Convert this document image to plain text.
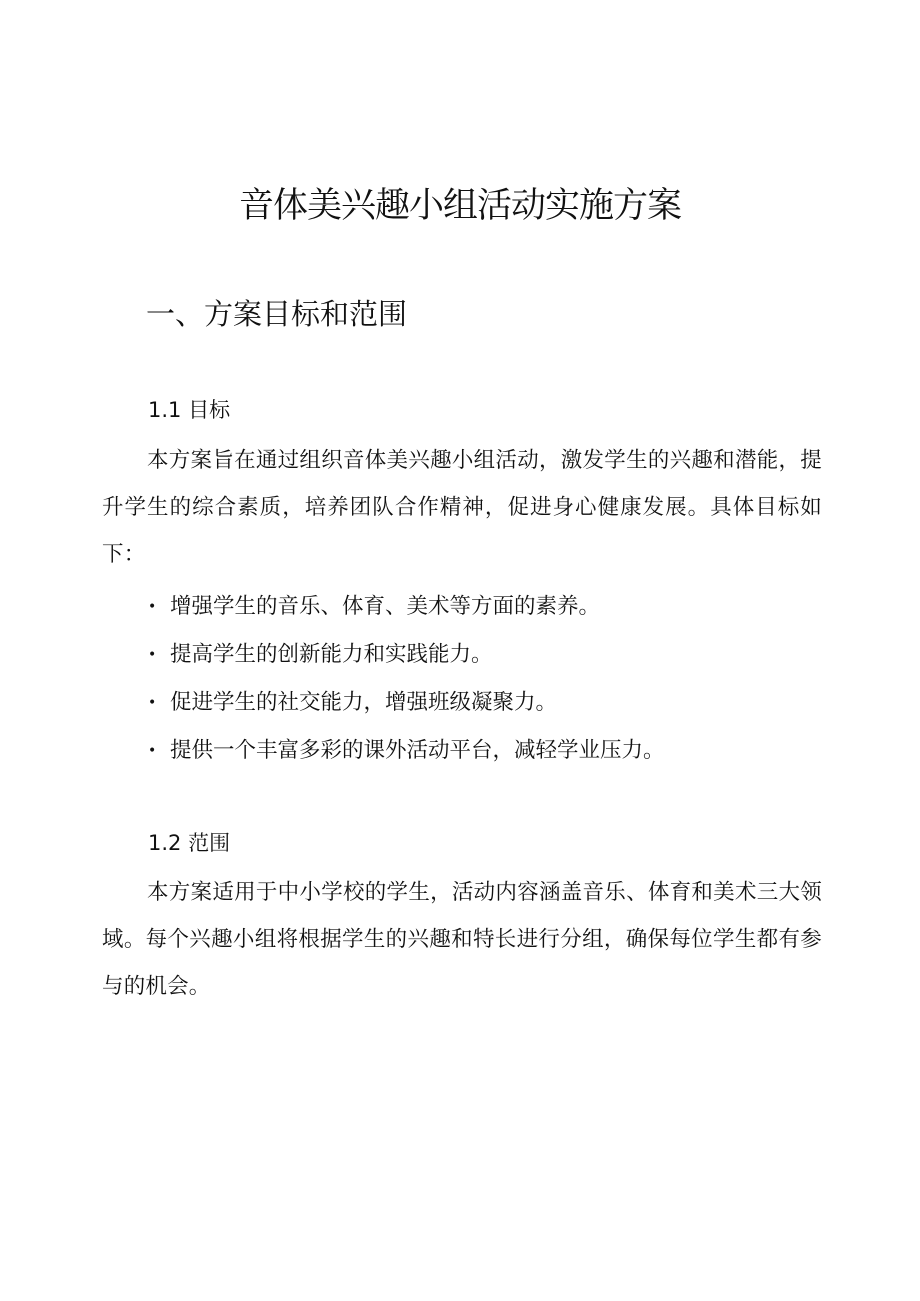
音体美兴趣小组活动实施方案
一、方案目标和范围
1.1 目标

本方案旨在通过组织音体美兴趣小组活动，激发学生的兴趣和潜能，提升学生的综合素质，培养团队合作精神，促进身心健康发展。具体目标如下：

• 增强学生的音乐、体育、美术等方面的素养。
• 提高学生的创新能力和实践能力。
• 促进学生的社交能力，增强班级凝聚力。
• 提供一个丰富多彩的课外活动平台，减轻学业压力。
1.2 范围

本方案适用于中小学校的学生，活动内容涵盖音乐、体育和美术三大领域。每个兴趣小组将根据学生的兴趣和特长进行分组，确保每位学生都有参与的机会。
